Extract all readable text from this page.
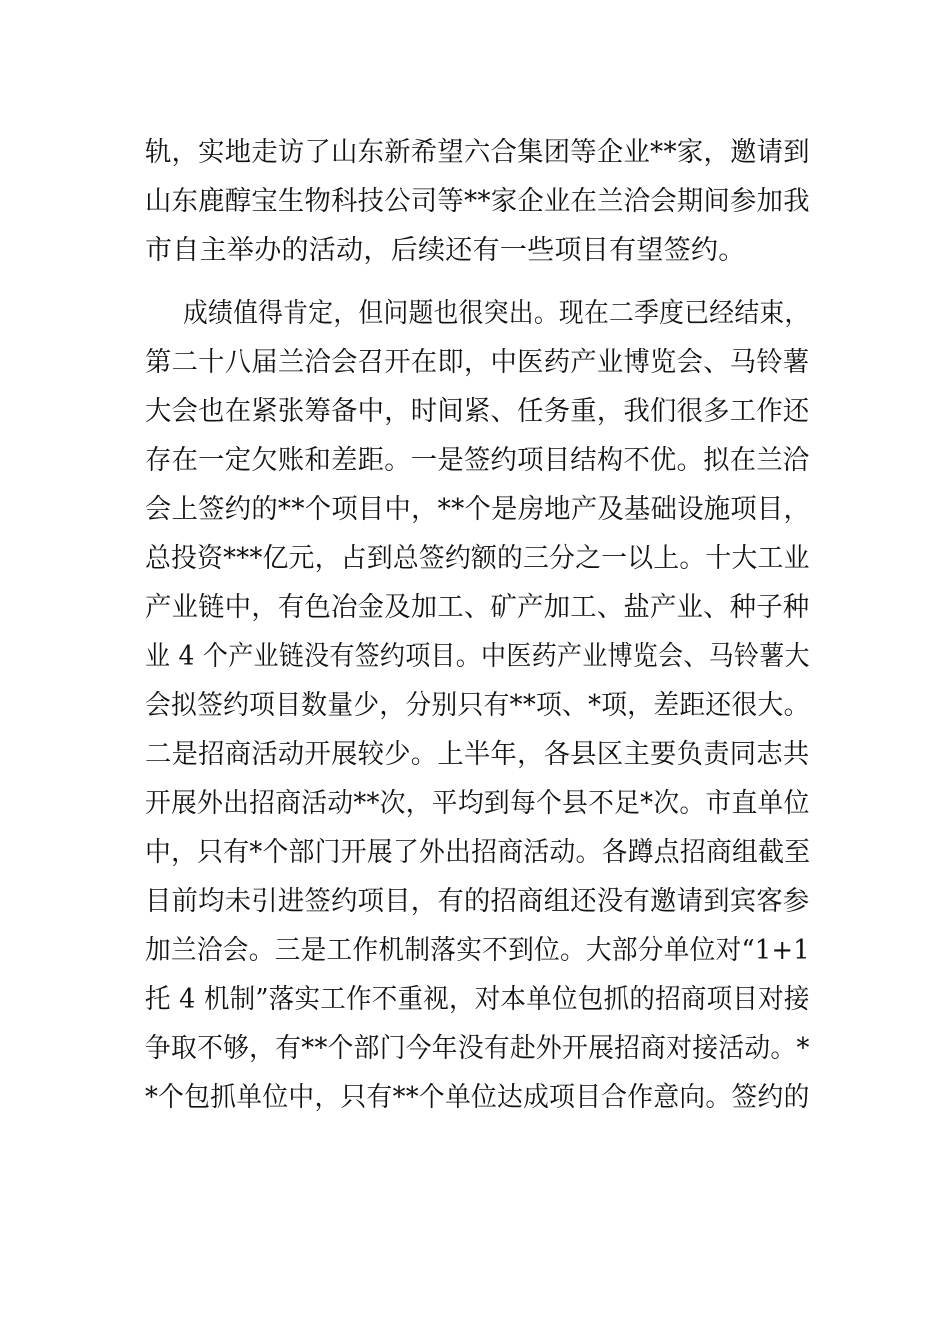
轨，实地走访了山东新希望六合集团等企业**家，邀请到
山东鹿醇宝生物科技公司等**家企业在兰洽会期间参加我
市自主举办的活动，后续还有一些项目有望签约。
成绩值得肯定，但问题也很突出。现在二季度已经结束，
第二十八届兰洽会召开在即，中医药产业博览会、马铃薯
大会也在紧张筹备中，时间紧、任务重，我们很多工作还
存在一定欠账和差距。一是签约项目结构不优。拟在兰洽
会上签约的**个项目中，**个是房地产及基础设施项目，
总投资***亿元，占到总签约额的三分之一以上。十大工业
产业链中，有色冶金及加工、矿产加工、盐产业、种子种
业 4 个产业链没有签约项目。中医药产业博览会、马铃薯大
会拟签约项目数量少，分别只有**项、*项，差距还很大。
二是招商活动开展较少。上半年，各县区主要负责同志共
开展外出招商活动**次，平均到每个县不足*次。市直单位
中，只有*个部门开展了外出招商活动。各蹲点招商组截至
目前均未引进签约项目，有的招商组还没有邀请到宾客参
加兰洽会。三是工作机制落实不到位。大部分单位对“1+1
托 4 机制”落实工作不重视，对本单位包抓的招商项目对接
争取不够，有**个部门今年没有赴外开展招商对接活动。*
*个包抓单位中，只有**个单位达成项目合作意向。签约的
